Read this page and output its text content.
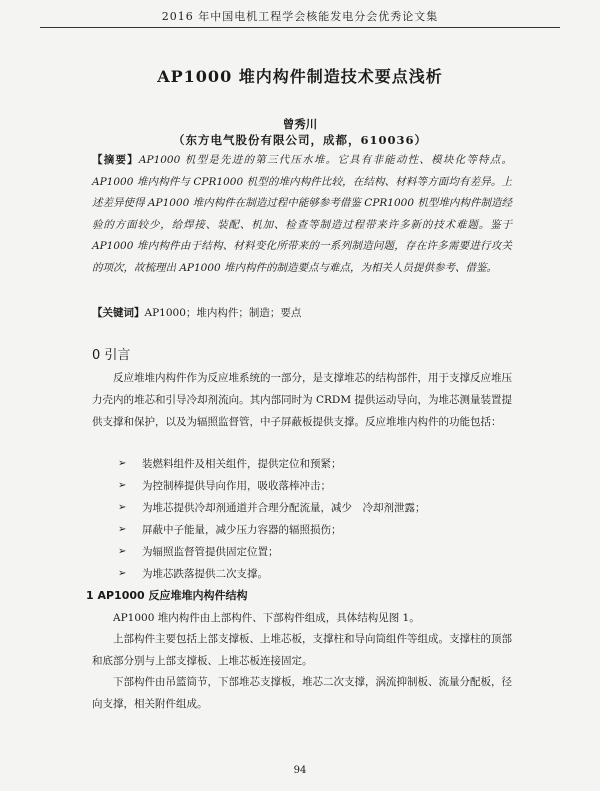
2016 年中国电机工程学会核能发电分会优秀论文集
AP1000 堆内构件制造技术要点浅析
曾秀川
（东方电气股份有限公司，成都，610036）
【摘要】AP1000 机型是先进的第三代压水堆。它具有非能动性、模块化等特点。AP1000 堆内构件与 CPR1000 机型的堆内构件比较，在结构、材料等方面均有差异。上述差异使得 AP1000 堆内构件在制造过程中能够参考借鉴 CPR1000 机型堆内构件制造经验的方面较少，给焊接、装配、机加、检查等制造过程带来许多新的技术难题。鉴于 AP1000 堆内构件由于结构、材料变化所带来的一系列制造问题，存在许多需要进行攻关的项次，故梳理出 AP1000 堆内构件的制造要点与难点，为相关人员提供参考、借鉴。
【关键词】AP1000；堆内构件；制造；要点
0 引言
反应堆堆内构件作为反应堆系统的一部分，是支撑堆芯的结构部件，用于支撑反应堆压力壳内的堆芯和引导冷却剂流向。其内部同时为 CRDM 提供运动导向，为堆芯测量装置提供支撑和保护，以及为辐照监督管，中子屏蔽板提供支撑。反应堆堆内构件的功能包括：
➢	装燃料组件及相关组件，提供定位和预紧；
➢	为控制棒提供导向作用，吸收落棒冲击；
➢	为堆芯提供冷却剂通道并合理分配流量，减少　冷却剂泄露；
➢	屏蔽中子能量，减少压力容器的辐照损伤；
➢	为辐照监督管提供固定位置；
➢	为堆芯跌落提供二次支撑。
1 AP1000 反应堆堆内构件结构
AP1000 堆内构件由上部构件、下部构件组成，具体结构见图 1。
上部构件主要包括上部支撑板、上堆芯板，支撑柱和导向筒组件等组成。支撑柱的顶部和底部分别与上部支撑板、上堆芯板连接固定。
下部构件由吊篮筒节，下部堆芯支撑板，堆芯二次支撑，涡流抑制板、流量分配板，径向支撑，相关附件组成。
94
